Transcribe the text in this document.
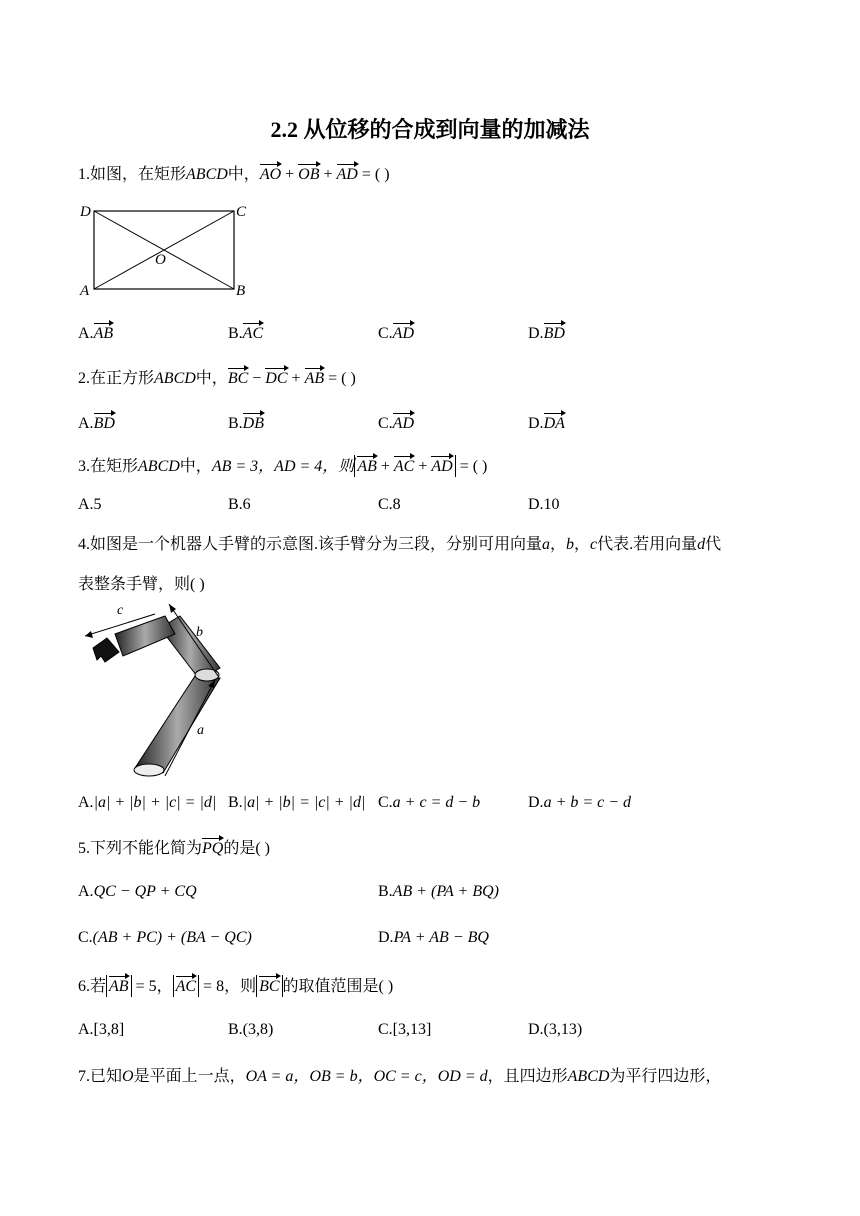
2.2 从位移的合成到向量的加减法
1.如图，在矩形ABCD中，AO + OB + AD = ( )
D	C
A	B
O
A.AB	B.AC	C.AD	D.BD
2.在正方形ABCD中，BC − DC + AB = ( )
A.BD	B.DB	C.AD	D.DA
3.在矩形ABCD中，AB = 3，AD = 4，则 AB + AC + AD = ( )
A.5	B.6	C.8	D.10
4.如图是一个机器人手臂的示意图.该手臂分为三段，分别可用向量a，b，c代表.若用向量d代
表整条手臂，则( )
a
b
c
A.|a| + |b| + |c| = |d| B.|a| + |b| = |c| + |d| C.a + c = d − b	D.a + b = c − d
5.下列不能化简为PQ的是( )
A.QC − QP + CQ	B.AB + (PA + BQ)
C.(AB + PC) + (BA − QC)	D.PA + AB − BQ
6.若 AB = 5， AC = 8，则 BC 的取值范围是( )
A.[3,8]	B.(3,8)	C.[3,13]	D.(3,13)
7.已知O是平面上一点，OA = a，OB = b，OC = c，OD = d，且四边形ABCD为平行四边形，
